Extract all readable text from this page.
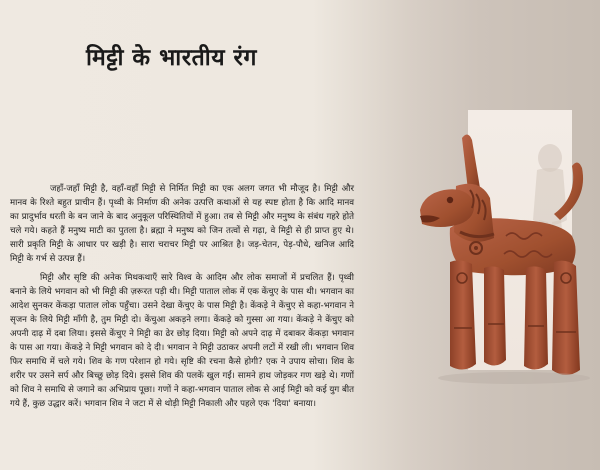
मिट्टी के भारतीय रंग

जहाँ-जहाँ मिट्टी है, वहाँ-वहाँ मिट्टी से निर्मित मिट्टी का एक अलग जगत भी मौजूद है। मिट्टी और मानव के रिश्ते बहुत प्राचीन हैं। पृथ्वी के निर्माण की अनेक उत्पत्ति कथाओं से यह स्पष्ट होता है कि आदि मानव का प्रादुर्भाव धरती के बन जाने के बाद अनुकूल परिस्थितियों में हुआ। तब से मिट्टी और मनुष्य के संबंध गहरे होते चले गये। कहते हैं मनुष्य माटी का पुतला है। ब्रह्मा ने मनुष्य को जिन तत्वों से गढ़ा, वे मिट्टी से ही प्राप्त हुए थे। सारी प्रकृति मिट्टी के आधार पर खड़ी है। सारा चराचर मिट्टी पर आश्रित है। जड़-चेतन, पेड़-पौधे, खनिज आदि मिट्टी के गर्भ से उत्पन्न हैं।

मिट्टी और सृष्टि की अनेक मिथकथाएँ सारे विश्व के आदिम और लोक समाजों में प्रचलित हैं। पृथ्वी बनाने के लिये भगवान को भी मिट्टी की ज़रूरत पड़ी थी। मिट्टी पाताल लोक में एक केंचुए के पास थी। भगवान का आदेश सुनकर केंकड़ा पाताल लोक पहुँचा। उसने देखा केंचुए के पास मिट्टी है। केंकड़े ने केंचुए से कहा-भगवान ने सृजन के लिये मिट्टी माँगी है, तुम मिट्टी दो। केंचुआ अकड़ने लगा। केंकड़े को गुस्सा आ गया। केंकड़े ने केंचुए को अपनी दाढ़ में दबा लिया। इससे केंचुए ने मिट्टी का ढेर छोड़ दिया। मिट्टी को अपने दाढ़ में दबाकर केंकड़ा भगवान के पास आ गया। केंकड़े ने मिट्टी भगवान को दे दी। भगवान ने मिट्टी उठाकर अपनी लटों में रखी ली। भगवान शिव फिर समाधि में चले गये। शिव के गण परेशान हो गये। सृष्टि की रचना कैसे होगी? एक ने उपाय सोचा। शिव के शरीर पर उसने सर्प और बिच्छू छोड़ दिये। इससे शिव की पलकें खुल गईं। सामने हाथ जोड़कर गण खड़े थे। गणों को शिव ने समाधि से जगाने का अभिप्राय पूछा। गणों ने कहा-भगवान पाताल लोक से आई मिट्टी को कई युग बीत गये हैं, कुछ उद्धार करें। भगवान शिव ने जटा में से थोड़ी मिट्टी निकाली और पहले एक 'दिया' बनाया।
